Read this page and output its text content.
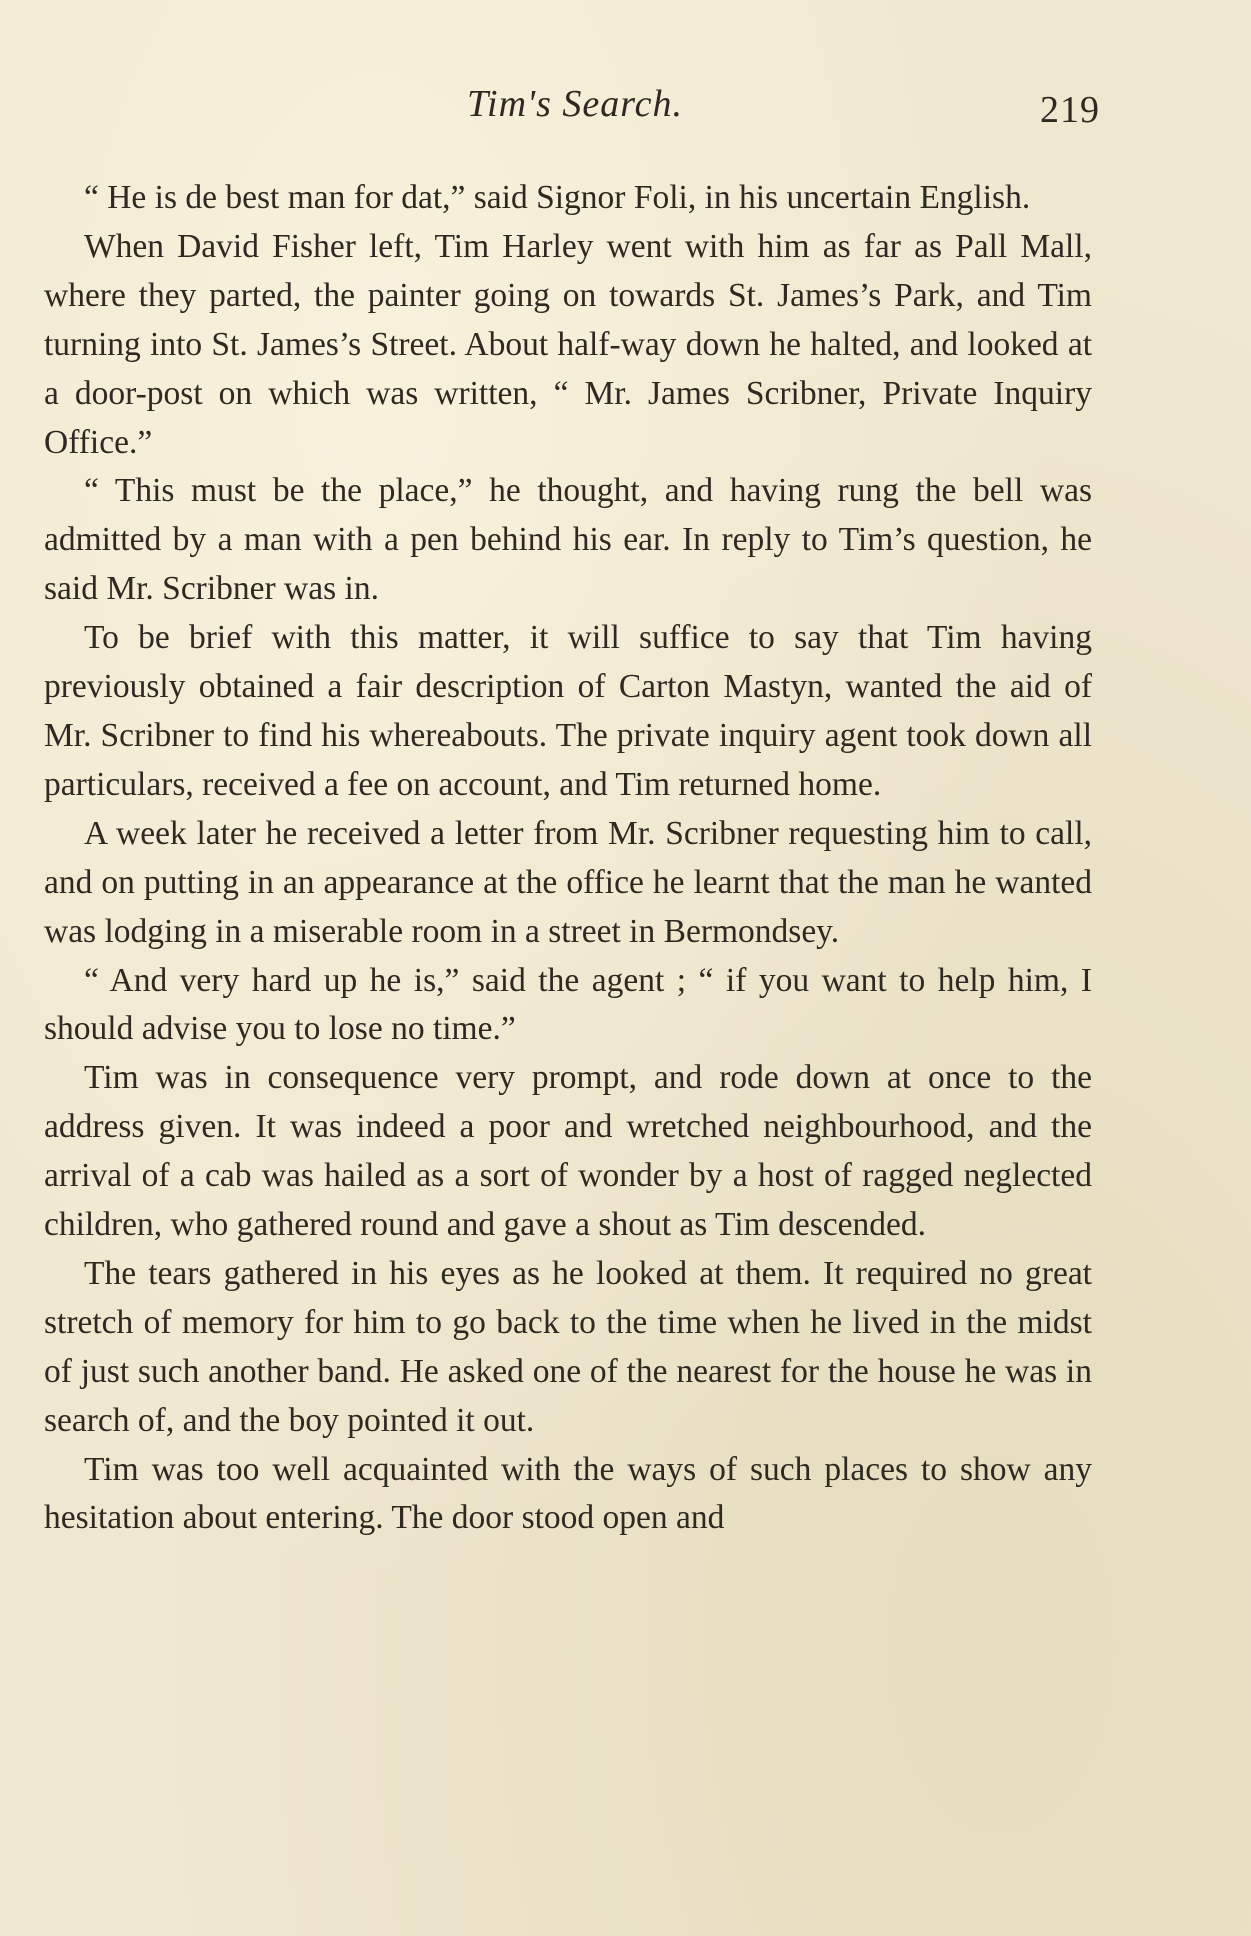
Tim's Search.	219

“ He is de best man for dat,” said Signor Foli, in his uncertain English.

When David Fisher left, Tim Harley went with him as far as Pall Mall, where they parted, the painter going on towards St. James’s Park, and Tim turning into St. James’s Street. About half-way down he halted, and looked at a door-post on which was written, “ Mr. James Scribner, Private Inquiry Office.”

“ This must be the place,” he thought, and having rung the bell was admitted by a man with a pen behind his ear. In reply to Tim’s question, he said Mr. Scribner was in.

To be brief with this matter, it will suffice to say that Tim having previously obtained a fair description of Carton Mastyn, wanted the aid of Mr. Scribner to find his whereabouts. The private inquiry agent took down all particulars, received a fee on account, and Tim returned home.

A week later he received a letter from Mr. Scribner requesting him to call, and on putting in an appearance at the office he learnt that the man he wanted was lodging in a miserable room in a street in Bermondsey.

“ And very hard up he is,” said the agent ; “ if you want to help him, I should advise you to lose no time.”

Tim was in consequence very prompt, and rode down at once to the address given. It was indeed a poor and wretched neighbourhood, and the arrival of a cab was hailed as a sort of wonder by a host of ragged neglected children, who gathered round and gave a shout as Tim descended.

The tears gathered in his eyes as he looked at them. It required no great stretch of memory for him to go back to the time when he lived in the midst of just such another band. He asked one of the nearest for the house he was in search of, and the boy pointed it out.

Tim was too well acquainted with the ways of such places to show any hesitation about entering. The door stood open and
